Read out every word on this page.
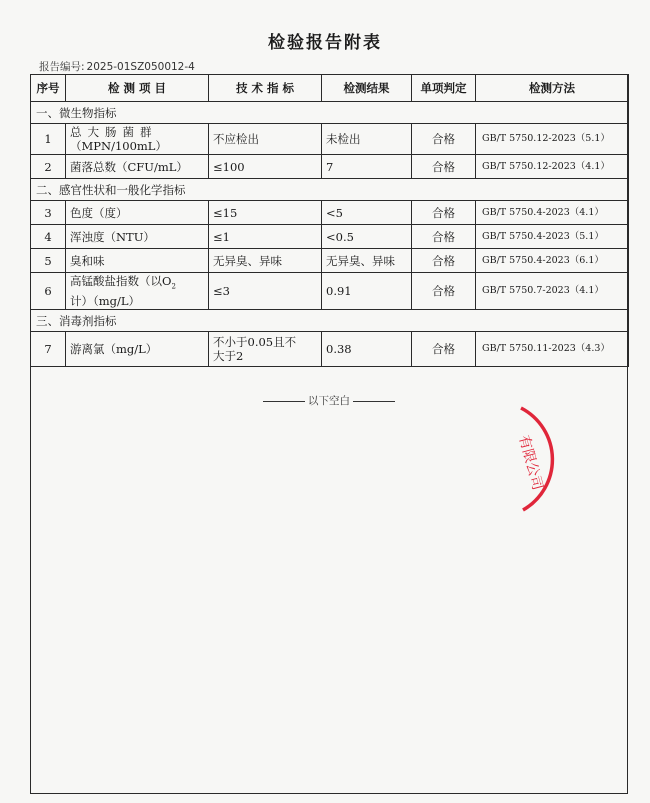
检验报告附表
报告编号: 2025-01SZ050012-4
序号	检 测 项 目	技 术 指 标	检测结果	单项判定	检测方法
一、微生物指标					
1	总大肠菌群
（MPN/100mL）	不应检出	未检出	合格	GB/T 5750.12-2023（5.1）
2	菌落总数（CFU/mL）	≤100	7	合格	GB/T 5750.12-2023（4.1）
二、感官性状和一般化学指标					
3	色度（度）	≤15	<5	合格	GB/T 5750.4-2023（4.1）
4	浑浊度（NTU）	≤1	<0.5	合格	GB/T 5750.4-2023（5.1）
5	臭和味	无异臭、异味	无异臭、异味	合格	GB/T 5750.4-2023（6.1）
6	高锰酸盐指数（以$O_2$
计）（mg/L）	≤3	0.91	合格	GB/T 5750.7-2023（4.1）
三、消毒剂指标					
7	游离氯（mg/L）	不小于0.05且不
大于2	0.38	合格	GB/T 5750.11-2023（4.3）
以下空白
有限公司
